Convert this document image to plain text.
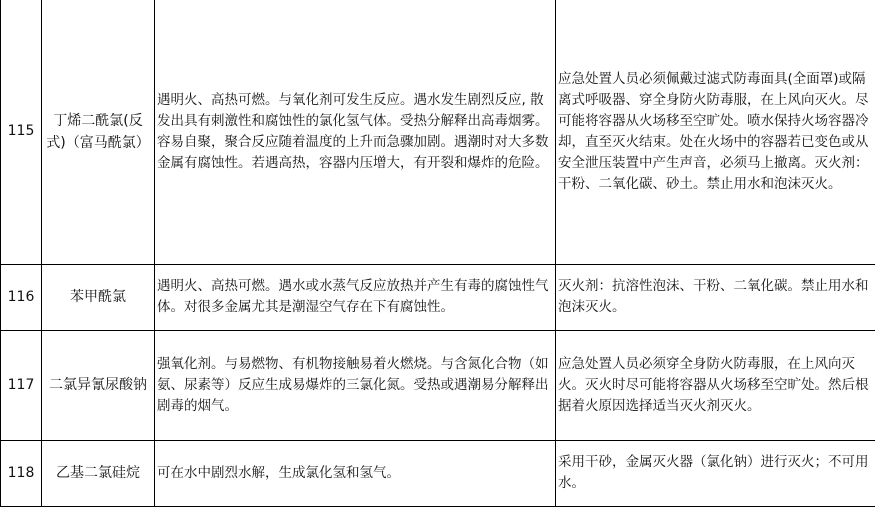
115	丁烯二酰氯(反式)（富马酰氯）	遇明火、高热可燃。与氧化剂可发生反应。遇水发生剧烈反应, 散发出具有刺激性和腐蚀性的氯化氢气体。受热分解释出高毒烟雾。容易自聚，聚合反应随着温度的上升而急骤加剧。遇潮时对大多数金属有腐蚀性。若遇高热，容器内压增大，有开裂和爆炸的危险。	应急处置人员必须佩戴过滤式防毒面具(全面罩)或隔离式呼吸器、穿全身防火防毒服，在上风向灭火。尽可能将容器从火场移至空旷处。喷水保持火场容器冷却，直至灭火结束。处在火场中的容器若已变色或从安全泄压装置中产生声音，必须马上撤离。灭火剂：干粉、二氧化碳、砂土。禁止用水和泡沫灭火。
116	苯甲酰氯	遇明火、高热可燃。遇水或水蒸气反应放热并产生有毒的腐蚀性气体。对很多金属尤其是潮湿空气存在下有腐蚀性。	灭火剂：抗溶性泡沫、干粉、二氧化碳。禁止用水和泡沫灭火。
117	二氯异氰尿酸钠	强氧化剂。与易燃物、有机物接触易着火燃烧。与含氮化合物（如氨、尿素等）反应生成易爆炸的三氯化氮。受热或遇潮易分解释出剧毒的烟气。	应急处置人员必须穿全身防火防毒服，在上风向灭火。灭火时尽可能将容器从火场移至空旷处。然后根据着火原因选择适当灭火剂灭火。
118	乙基二氯硅烷	可在水中剧烈水解，生成氯化氢和氢气。	采用干砂，金属灭火器（氯化钠）进行灭火；不可用水。
